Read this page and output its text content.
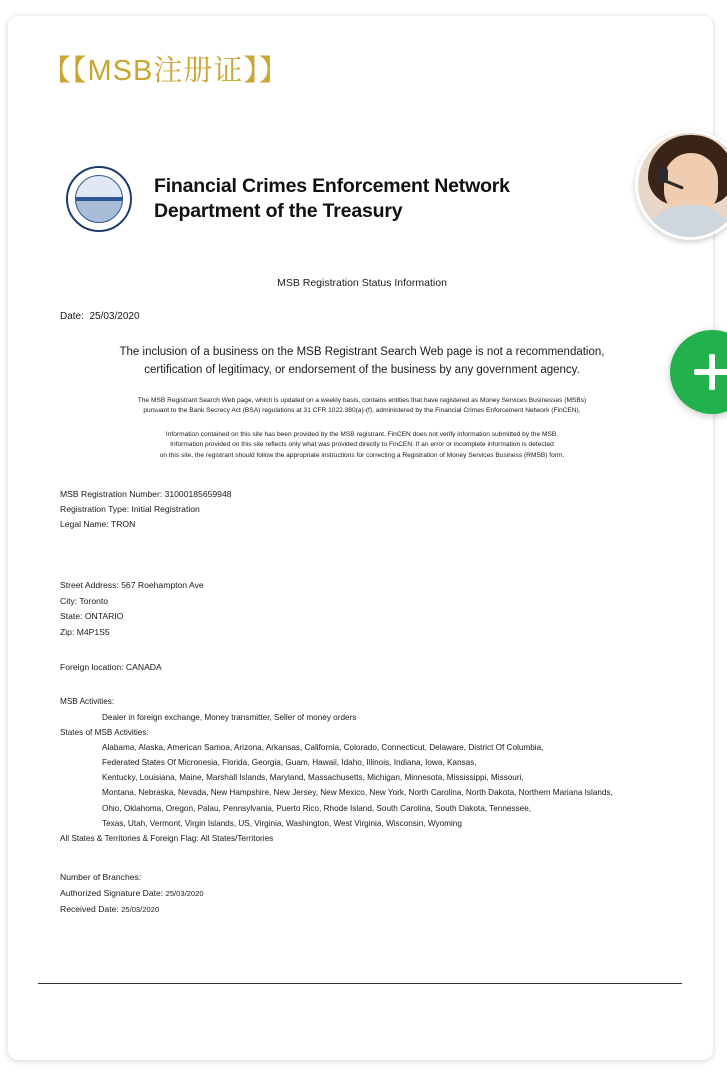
【【MSB注册证】】
Financial Crimes Enforcement Network
Department of the Treasury
MSB Registration Status Information
Date: 25/03/2020
The inclusion of a business on the MSB Registrant Search Web page is not a recommendation,
certification of legitimacy, or endorsement of the business by any government agency.
The MSB Registrant Search Web page, which is updated on a weekly basis, contains entities that have registered as Money Services Businesses (MSBs)
pursuant to the Bank Secrecy Act (BSA) regulations at 31 CFR 1022.380(a)-(f), administered by the Financial Crimes Enforcement Network (FinCEN).
Information contained on this site has been provided by the MSB registrant. FinCEN does not verify information submitted by the MSB.
Information provided on this site reflects only what was provided directly to FinCEN. If an error or incomplete information is detected
on this site, the registrant should follow the appropriate instructions for correcting a Registration of Money Services Business (RMSB) form.
MSB Registration Number: 31000185659948
Registration Type: Initial Registration
Legal Name: TRON
Street Address: 567 Roehampton Ave
City: Toronto
State: ONTARIO
Zip: M4P1S5
Foreign location: CANADA
MSB Activities:
Dealer in foreign exchange, Money transmitter, Seller of money orders
States of MSB Activities:
Alabama, Alaska, American Samoa, Arizona, Arkansas, California, Colorado, Connecticut, Delaware, District Of Columbia,
Federated States Of Micronesia, Florida, Georgia, Guam, Hawaii, Idaho, Illinois, Indiana, Iowa, Kansas,
Kentucky, Louisiana, Maine, Marshall Islands, Maryland, Massachusetts, Michigan, Minnesota, Mississippi, Missouri,
Montana, Nebraska, Nevada, New Hampshire, New Jersey, New Mexico, New York, North Carolina, North Dakota, Northern Mariana Islands,
Ohio, Oklahoma, Oregon, Palau, Pennsylvania, Puerto Rico, Rhode Island, South Carolina, South Dakota, Tennessee,
Texas, Utah, Vermont, Virgin Islands, US, Virginia, Washington, West Virginia, Wisconsin, Wyoming
All States & Territories & Foreign Flag: All States/Territories
Number of Branches:
Authorized Signature Date: 25/03/2020
Received Date: 25/03/2020
